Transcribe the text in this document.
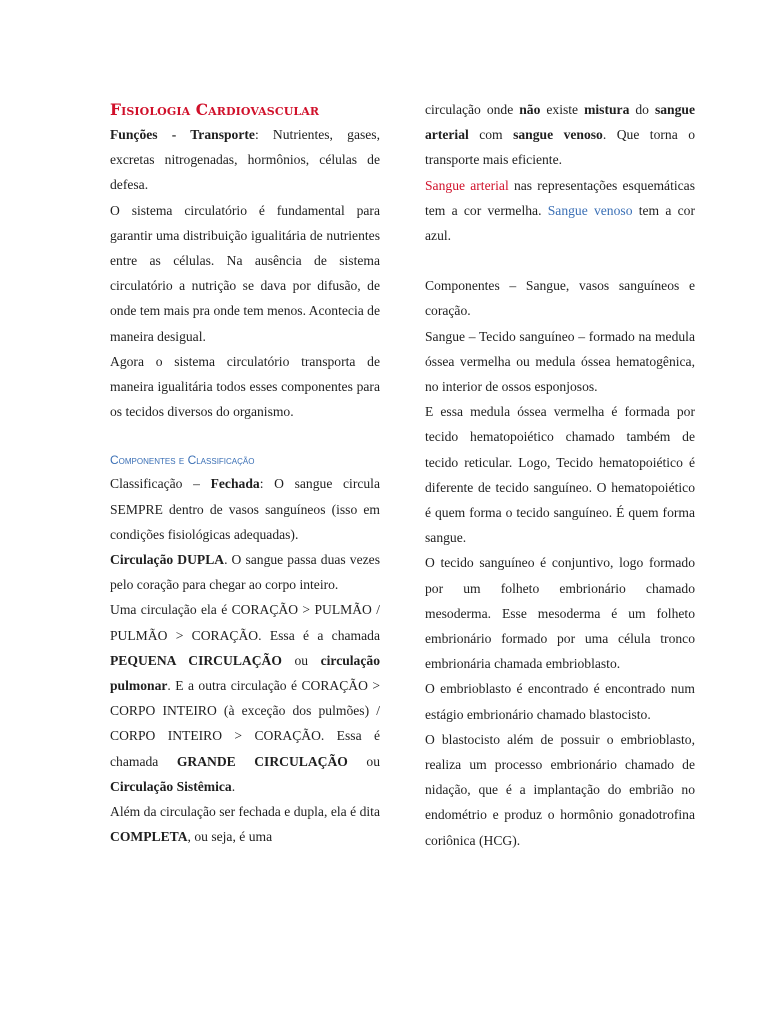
Fisiologia Cardiovascular

Funções - Transporte: Nutrientes, gases, excretas nitrogenadas, hormônios, células de defesa.

O sistema circulatório é fundamental para garantir uma distribuição igualitária de nutrientes entre as células. Na ausência de sistema circulatório a nutrição se dava por difusão, de onde tem mais pra onde tem menos. Acontecia de maneira desigual.

Agora o sistema circulatório transporta de maneira igualitária todos esses componentes para os tecidos diversos do organismo.

Componentes e Classificação

Classificação – Fechada: O sangue circula SEMPRE dentro de vasos sanguíneos (isso em condições fisiológicas adequadas).

Circulação DUPLA. O sangue passa duas vezes pelo coração para chegar ao corpo inteiro.

Uma circulação ela é CORAÇÃO > PULMÃO / PULMÃO > CORAÇÃO. Essa é a chamada PEQUENA CIRCULAÇÃO ou circulação pulmonar. E a outra circulação é CORAÇÃO > CORPO INTEIRO (à exceção dos pulmões) / CORPO INTEIRO > CORAÇÃO. Essa é chamada GRANDE CIRCULAÇÃO ou Circulação Sistêmica.

Além da circulação ser fechada e dupla, ela é dita COMPLETA, ou seja, é uma

circulação onde não existe mistura do sangue arterial com sangue venoso. Que torna o transporte mais eficiente.

Sangue arterial nas representações esquemáticas tem a cor vermelha. Sangue venoso tem a cor azul.

Componentes – Sangue, vasos sanguíneos e coração.

Sangue – Tecido sanguíneo – formado na medula óssea vermelha ou medula óssea hematogênica, no interior de ossos esponjosos.

E essa medula óssea vermelha é formada por tecido hematopoiético chamado também de tecido reticular. Logo, Tecido hematopoiético é diferente de tecido sanguíneo. O hematopoiético é quem forma o tecido sanguíneo. É quem forma sangue.

O tecido sanguíneo é conjuntivo, logo formado por um folheto embrionário chamado mesoderma. Esse mesoderma é um folheto embrionário formado por uma célula tronco embrionária chamada embrioblasto.

O embrioblasto é encontrado é encontrado num estágio embrionário chamado blastocisto.

O blastocisto além de possuir o embrioblasto, realiza um processo embrionário chamado de nidação, que é a implantação do embrião no endométrio e produz o hormônio gonadotrofina coriônica (HCG).
